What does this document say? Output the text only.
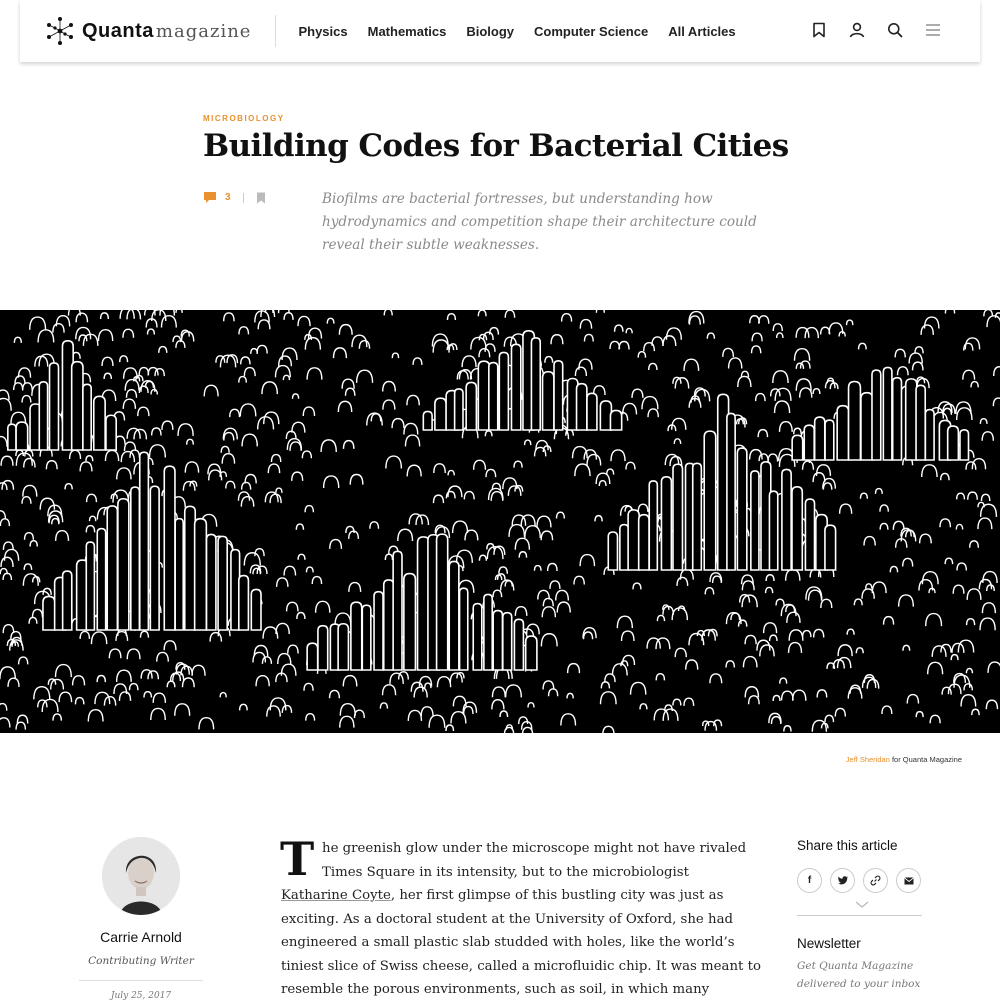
Quanta magazine	Physics Mathematics Biology Computer Science All Articles
MICROBIOLOGY
Building Codes for Bacterial Cities
3	Biofilms are bacterial fortresses, but understanding how hydrodynamics and competition shape their architecture could reveal their subtle weaknesses.

Jeff Sheridan for Quanta Magazine
Carrie Arnold
Contributing Writer
July 25, 2017
T he greenish glow under the microscope might not have rivaled
Times Square in its intensity, but to the microbiologist
Katharine Coyte, her first glimpse of this bustling city was just as
exciting. As a doctoral student at the University of Oxford, she had
engineered a small plastic slab studded with holes, like the world’s
tiniest slice of Swiss cheese, called a microfluidic chip. It was meant to
resemble the porous environments, such as soil, in which many
Share this article
f
Newsletter
Get Quanta Magazine delivered to your inbox
